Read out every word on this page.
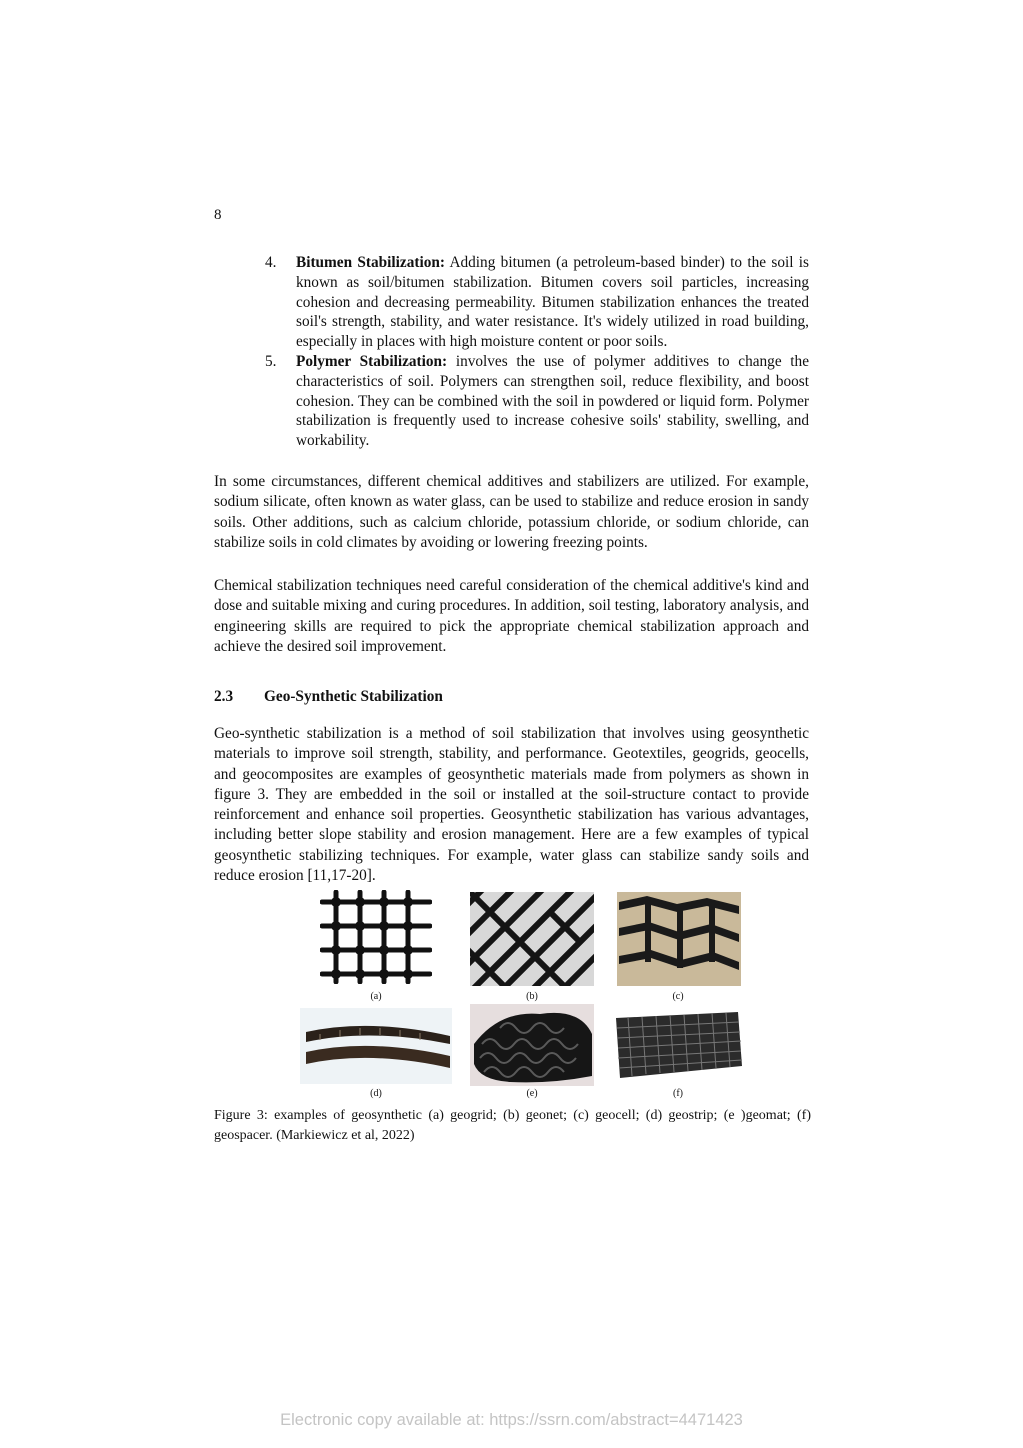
8
4. Bitumen Stabilization: Adding bitumen (a petroleum-based binder) to the soil is known as soil/bitumen stabilization. Bitumen covers soil particles, increasing cohesion and decreasing permeability. Bitumen stabilization enhances the treated soil's strength, stability, and water resistance. It's widely utilized in road building, especially in places with high moisture content or poor soils.
5. Polymer Stabilization: involves the use of polymer additives to change the characteristics of soil. Polymers can strengthen soil, reduce flexibility, and boost cohesion. They can be combined with the soil in powdered or liquid form. Polymer stabilization is frequently used to increase cohesive soils' stability, swelling, and workability.

In some circumstances, different chemical additives and stabilizers are utilized. For example, sodium silicate, often known as water glass, can be used to stabilize and reduce erosion in sandy soils. Other additions, such as calcium chloride, potassium chloride, or sodium chloride, can stabilize soils in cold climates by avoiding or lowering freezing points.

Chemical stabilization techniques need careful consideration of the chemical additive's kind and dose and suitable mixing and curing procedures. In addition, soil testing, laboratory analysis, and engineering skills are required to pick the appropriate chemical stabilization approach and achieve the desired soil improvement.

2.3 Geo-Synthetic Stabilization

Geo-synthetic stabilization is a method of soil stabilization that involves using geosynthetic materials to improve soil strength, stability, and performance. Geotextiles, geogrids, geocells, and geocomposites are examples of geosynthetic materials made from polymers as shown in figure 3. They are embedded in the soil or installed at the soil-structure contact to provide reinforcement and enhance soil properties. Geosynthetic stabilization has various advantages, including better slope stability and erosion management. Here are a few examples of typical geosynthetic stabilizing techniques. For example, water glass can stabilize sandy soils and reduce erosion [11,17-20].

(a)	(b)	(c)
(d)	(e)	(f)

Figure 3: examples of geosynthetic (a) geogrid; (b) geonet; (c) geocell; (d) geostrip; (e )geomat; (f) geospacer. (Markiewicz et al, 2022)

Electronic copy available at: https://ssrn.com/abstract=4471423
